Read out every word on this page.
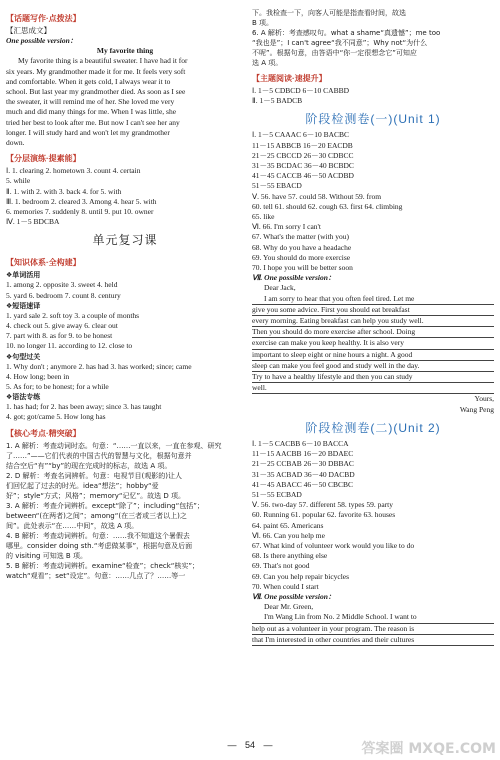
【话题写作·点拨法】
【汇思成文】
One possible version：
My favorite thing
My favorite thing is a beautiful sweater. I have had it for
six years. My grandmother made it for me. It feels very soft
and comfortable. When it gets cold, I always wear it to
school. But last year my grandmother died. As soon as I see
the sweater, it will remind me of her. She loved me very
much and did many things for me. When I was little, she
tried her best to look after me. But now I can't see her any
longer. I will study hard and won't let my grandmother
down.
【分层演练·提素能】
Ⅰ. 1. clearing 2. hometown 3. count 4. certain
5. while
Ⅱ. 1. with 2. with 3. back 4. for 5. with
Ⅲ. 1. bedroom 2. cleared 3. Among 4. hear 5. with
6. memories 7. suddenly 8. until 9. put 10. owner
Ⅳ. 1－5 BDCBA
单元复习课
【知识体系·全构建】
❖单词活用
1. among 2. opposite 3. sweet 4. held
5. yard 6. bedroom 7. count 8. century
❖短语速译
1. yard sale 2. soft toy 3. a couple of months
4. check out 5. give away 6. clear out
7. part with 8. as for 9. to be honest
10. no longer 11. according to 12. close to
❖句型过关
1. Why don't ; anymore 2. has had 3. has worked; since; came
4. How long; been in
5. As for; to be honest; for a while
❖语法专练
1. has had; for 2. has been away; since 3. has taught
4. got; got/came 5. How long has
【核心考点·精突破】
1. A 解析：考查动词时态。句意：“……一直以来，一直在参观、研究
了……”——它们代表的中国古代的智慧与文化，根据句意并
结合空后“有”“by”的现在完成时的标志，故选 A 项。
2. D 解析：考查名词辨析。句意：电视节目(观影的)让人
们回忆起了过去的时光。idea“想法”；hobby“爱
好”；style“方式；风格”；memory“记忆”。故选 D 项。
3. A 解析：考查介词辨析。except“除了”；including“包括”；
between“(在两者)之间”；among“(在三者或三者以上)之
间”。此处表示“在……中间”，故选 A 项。
4. B 解析：考查动词辨析。句意：……我不知道这个暑假去
哪里。consider doing sth.“考虑做某事”，根据句意及后面
的 visiting 可知选 B 项。
5. B 解析：考查动词辨析。examine“检查”；check“核实”；
watch“观看”；set“设定”。句意：……几点了？……等一
下。我检查一下，向客人可能是指查看时间，故选
B 项。
6. A 解析：考查感叹句。what a shame“真遗憾”；me too
“我也是”；I can't agree“我不同意”；Why not“为什么
不呢”。根据句意，由答语中“你一定很想念它”可知应
选 A 项。
【主题阅读·速提升】
Ⅰ. 1－5 CDBCD 6－10 CABBD
Ⅱ. 1－5 BADCB
阶段检测卷(一)(Unit 1)
Ⅰ. 1－5 CAAAC 6－10 BACBC
11－15 ABBCB 16－20 EACDB
21－25 CBCCD 26－30 CDBCC
31－35 BCDAC 36－40 BCBDC
41－45 CACCB 46－50 ACDBD
51－55 EBACD
Ⅴ. 56. have 57. could 58. Without 59. from
60. tell 61. should 62. cough 63. first 64. climbing
65. like
Ⅵ. 66. I'm sorry I can't
67. What's the matter (with you)
68. Why do you have a headache
69. You should do more exercise
70. I hope you will be better soon
Ⅶ. One possible version：
Dear Jack,
I am sorry to hear that you often feel tired. Let me
give you some advice. First you should eat breakfast
every morning. Eating breakfast can help you study well.
Then you should do more exercise after school. Doing
exercise can make you keep healthy. It is also very
important to sleep eight or nine hours a night. A good
sleep can make you feel good and study well in the day.
Try to have a healthy lifestyle and then you can study
well.
Yours,
Wang Peng
阶段检测卷(二)(Unit 2)
Ⅰ. 1－5 CACBB 6－10 BACCA
11－15 AACBB 16－20 BDAEC
21－25 CCBAB 26－30 DBBAC
31－35 ACBAD 36－40 DACBD
41－45 ABACC 46－50 CBCBC
51－55 ECBAD
Ⅴ. 56. two-day 57. different 58. types 59. party
60. Running 61. popular 62. favorite 63. houses
64. paint 65. Americans
Ⅵ. 66. Can you help me
67. What kind of volunteer work would you like to do
68. Is there anything else
69. That's not good
69. Can you help repair bicycles
70. When could I start
Ⅶ. One possible version：
Dear Mr. Green,
I'm Wang Lin from No. 2 Middle School. I want to
help out as a volunteer in your program. The reason is
that I'm interested in other countries and their cultures
— 54 —	答案圈 MXQE.COM
